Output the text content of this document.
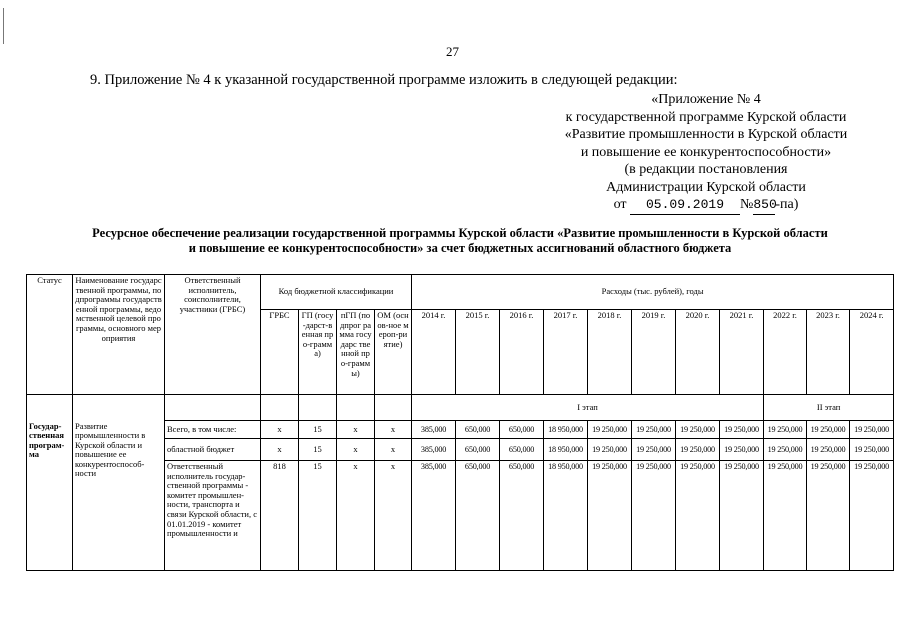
27
9. Приложение № 4 к указанной государственной программе изложить в следующей редакции:
«Приложение № 4
к государственной программе Курской области
«Развитие промышленности в Курской области
и повышение ее конкурентоспособности»
(в редакции постановления
Администрации Курской области
от 05.09.2019 №850-па)
Ресурсное обеспечение реализации государственной программы Курской области «Развитие промышленности в Курской области
и повышение ее конкурентоспособности» за счет бюджетных ассигнований областного бюджета
Статус	Наименование государственной программы, подпрограммы государственной программы, ведомственной целевой программы, основного мероприятия	Ответственный исполнитель, соисполнители, участники (ГРБС)	Код бюджетной классификации				Расходы (тыс. рублей), годы										
			ГРБС	ГП (госу-дарст-венная про-грамма)	пГП (подпрог рамма государс твенной про-граммы)	ОМ (основ-ное мероп-риятие)	2014 г.	2015 г.	2016 г.	2017 г.	2018 г.	2019 г.	2020 г.	2021 г.	2022 г.	2023 г.	2024 г.
							I этап								II этап		
Государ-ственная програм-ма	Развитие промышленности в Курской области и повышение ее конкурентоспособ-ности	Всего, в том числе:	х	15	х	х	385,000	650,000	650,000	18 950,000	19 250,000	19 250,000	19 250,000	19 250,000	19 250,000	19 250,000	19 250,000
		областной бюджет	х	15	х	х	385,000	650,000	650,000	18 950,000	19 250,000	19 250,000	19 250,000	19 250,000	19 250,000	19 250,000	19 250,000
		Ответственный исполнитель государ-ственной программы - комитет промышлен-ности, транспорта и связи Курской области, с 01.01.2019 - комитет промышленности и	818	15	х	х	385,000	650,000	650,000	18 950,000	19 250,000	19 250,000	19 250,000	19 250,000	19 250,000	19 250,000	19 250,000
